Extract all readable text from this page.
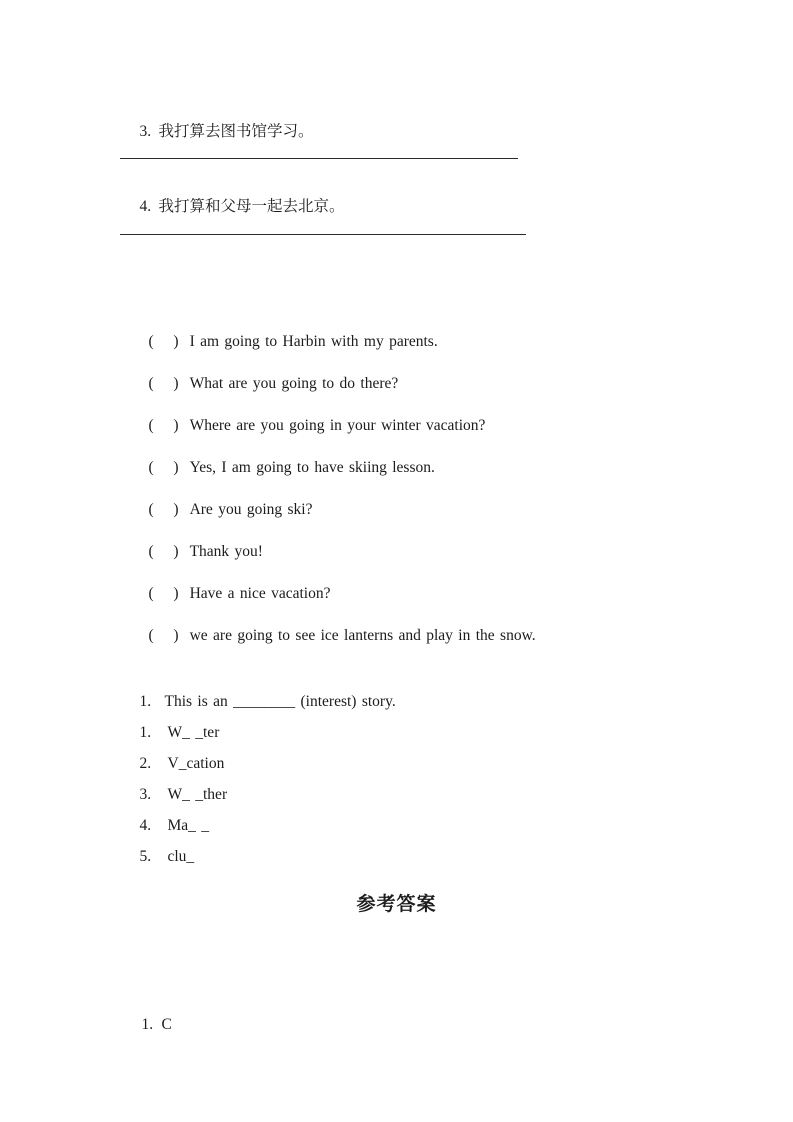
3. 我打算去图书馆学习。

4. 我打算和父母一起去北京。

(  ) I am going to Harbin with my parents.

(  ) What are you going to do there?

(  ) Where are you going in your winter vacation?

(  ) Yes, I am going to have skiing lesson.

(  ) Are you going ski?

(  ) Thank you!

(  ) Have a nice vacation?

(  ) we are going to see ice lanterns and play in the snow.

1. This is an ________ (interest) story.

1. W_ _ter

2. V_cation

3. W_ _ther

4. Ma_ _

5. clu_

参考答案

1. C
